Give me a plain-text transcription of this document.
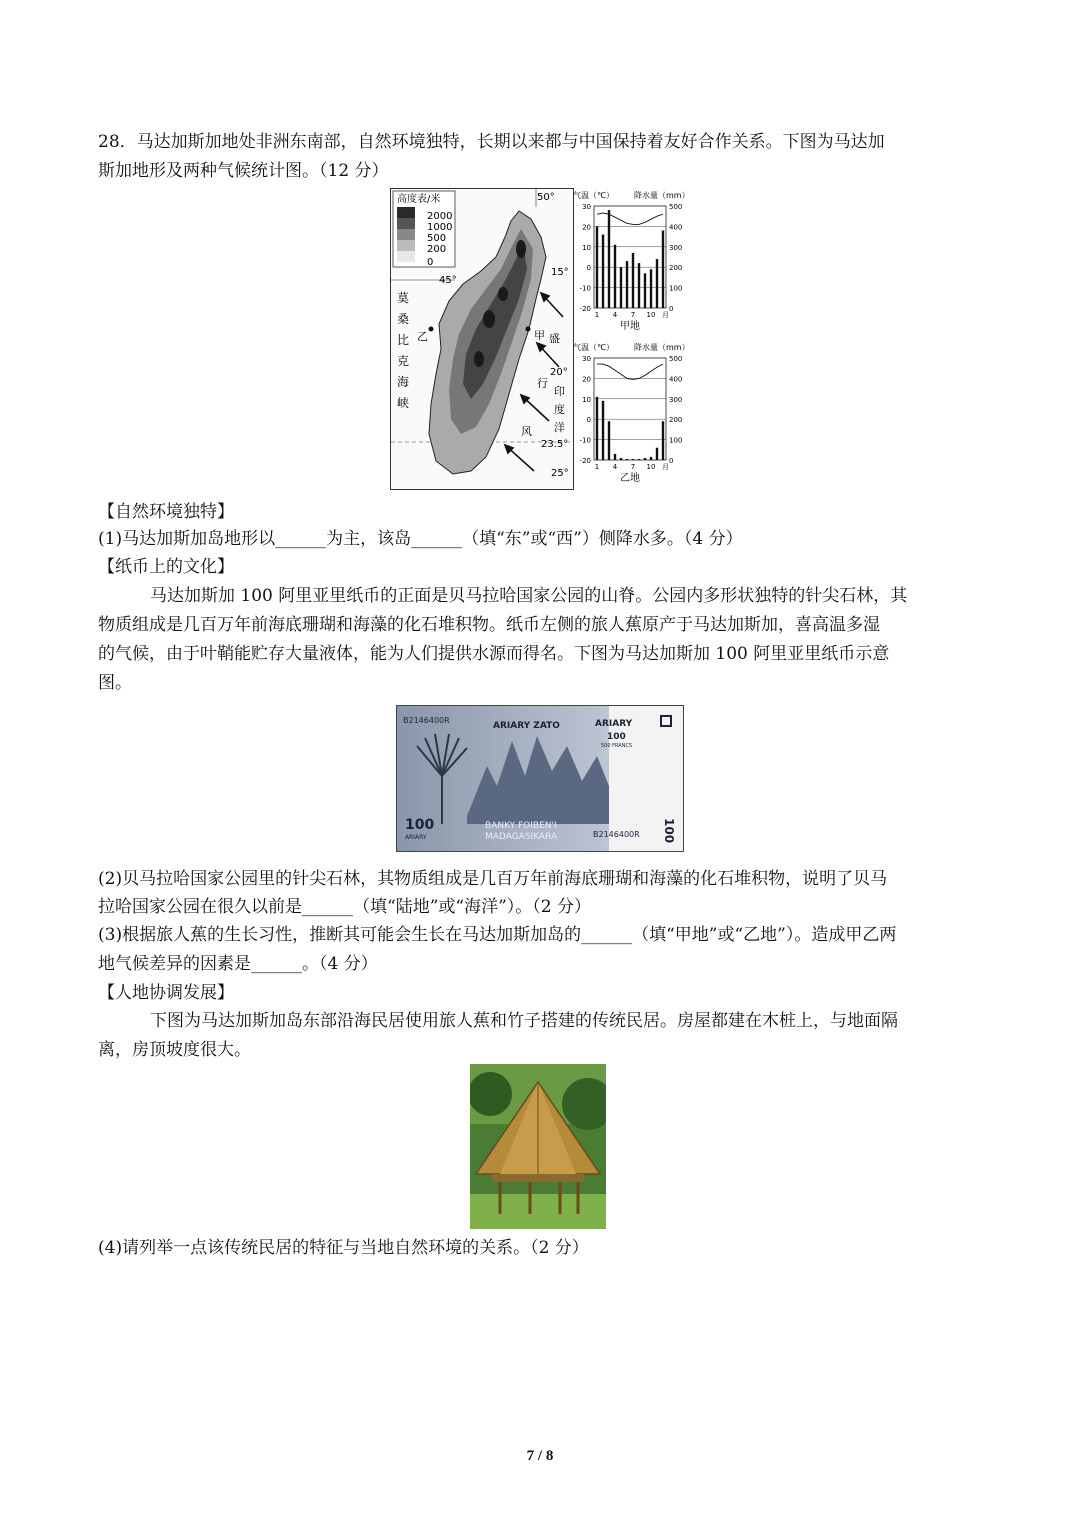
28．马达加斯加地处非洲东南部，自然环境独特，长期以来都与中国保持着友好合作关系。下图为马达加
斯加地形及两种气候统计图。（12 分）
高度表/米
2000
1000
500
200
0
50°
45°
甲
乙
莫
桑
比
克
海
峡
盛
行
风
印
度
洋
15°
20°
23.5°
25°
气温（℃）	降水量（mm）
30
20
10
0
-10
-20
500
400
300
200
100
0
1 4 7 10 月
甲地
气温（℃）	降水量（mm）
30
20
10
0
-10
-20
500
400
300
200
100
0
1 4 7 10 月
乙地
【自然环境独特】
(1)马达加斯加岛地形以______为主，该岛______（填“东”或“西”）侧降水多。（4 分）
【纸币上的文化】
马达加斯加 100 阿里亚里纸币的正面是贝马拉哈国家公园的山脊。公园内多形状独特的针尖石林，其
物质组成是几百万年前海底珊瑚和海藻的化石堆积物。纸币左侧的旅人蕉原产于马达加斯加，喜高温多湿
的气候，由于叶鞘能贮存大量液体，能为人们提供水源而得名。下图为马达加斯加 100 阿里亚里纸币示意
图。
B2146400R
ARIARY ZATO	ARIARY
100
500 FRANCS
100
ARIARY
BANKY FOIBEN'I
MADAGASIKARA	B2146400R 100
(2)贝马拉哈国家公园里的针尖石林，其物质组成是几百万年前海底珊瑚和海藻的化石堆积物，说明了贝马
拉哈国家公园在很久以前是______（填“陆地”或“海洋”）。（2 分）
(3)根据旅人蕉的生长习性，推断其可能会生长在马达加斯加岛的______（填“甲地”或“乙地”）。造成甲乙两
地气候差异的因素是______。（4 分）
【人地协调发展】
下图为马达加斯加岛东部沿海民居使用旅人蕉和竹子搭建的传统民居。房屋都建在木桩上，与地面隔
离，房顶坡度很大。
(4)请列举一点该传统民居的特征与当地自然环境的关系。（2 分）
7 / 8
